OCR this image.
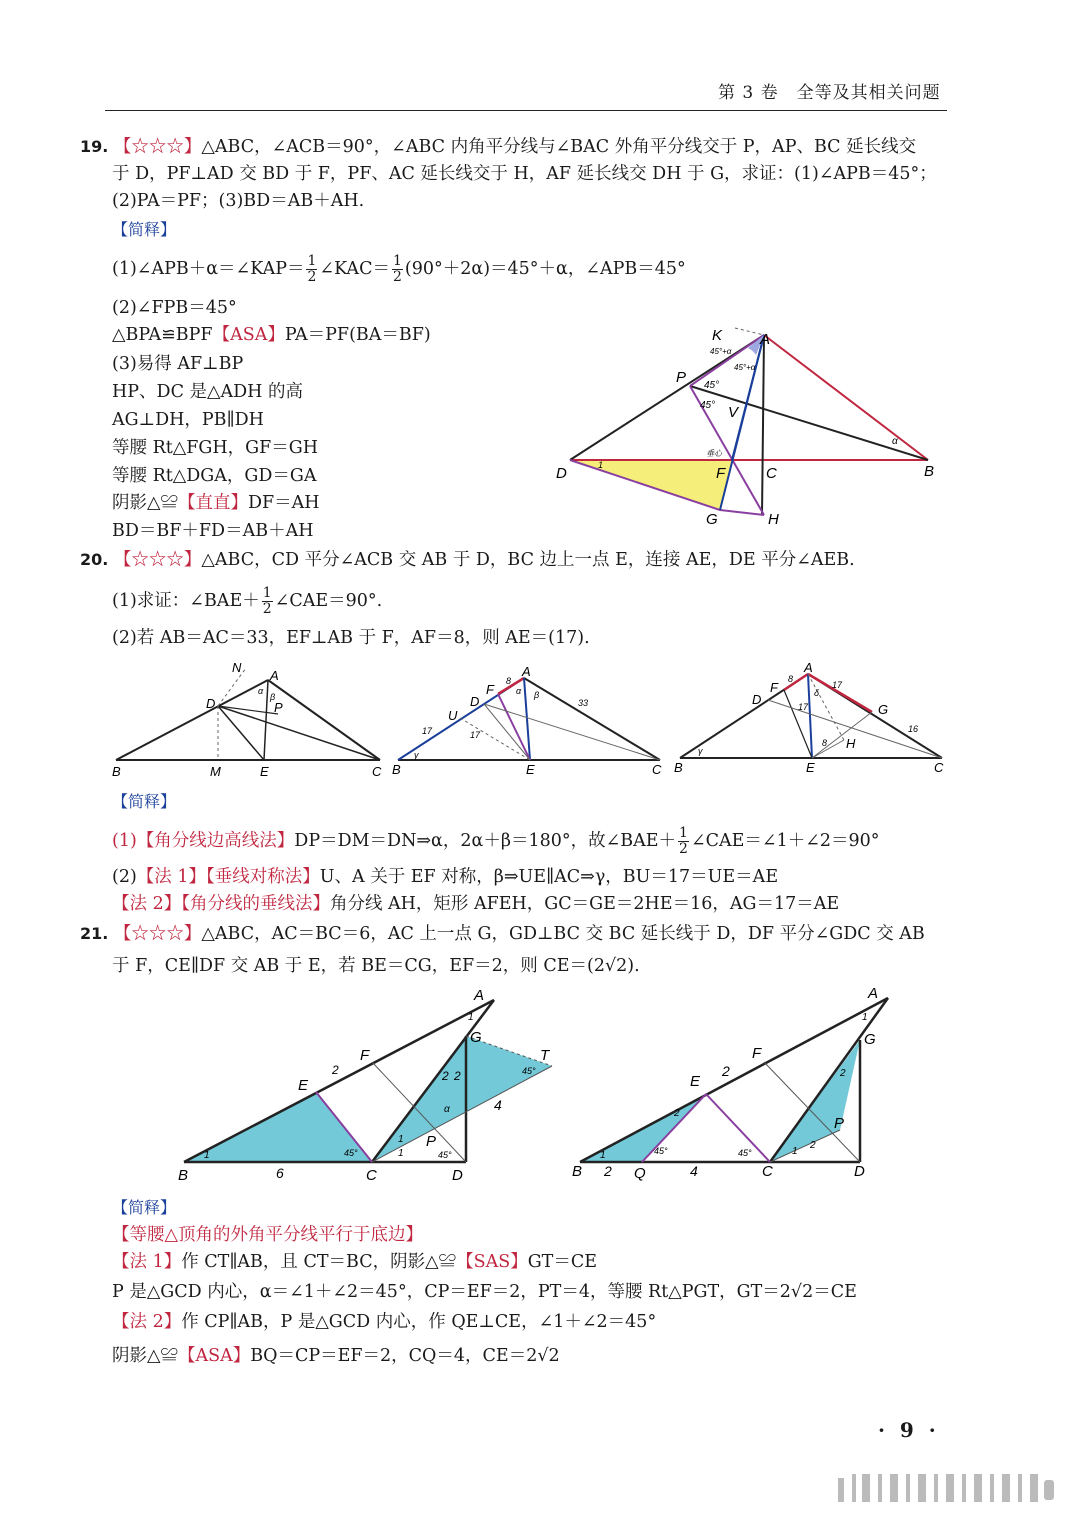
第 3 卷　全等及其相关问题
19. 【☆☆☆】△ABC，∠ACB＝90°，∠ABC 内角平分线与∠BAC 外角平分线交于 P，AP、BC 延长线交
于 D，PF⊥AD 交 BD 于 F，PF、AC 延长线交于 H，AF 延长线交 DH 于 G，求证：(1)∠APB＝45°；
(2)PA＝PF；(3)BD＝AB＋AH.
【简释】
(1)∠APB＋α＝∠KAP＝ $\frac{1}{2}$ ∠KAC＝ $\frac{1}{2} (90^\circ+2\alpha)=45^\circ+\alpha$，∠APB＝45°
(2)∠FPB＝45°
△BPA≌BPF【ASA】PA＝PF(BA＝BF)
(3)易得 AF⊥BP
HP、DC 是△ADH 的高
AG⊥DH，PB∥DH
等腰 Rt△FGH，GF＝GH
等腰 Rt△DGA，GD＝GA
阴影△≌【直直】DF＝AH
BD＝BF＋FD＝AB＋AH
K	A
P
V
D	F	C	B
G	H
45°+α
45°+α
45°
45°
α
1
垂心
20. 【☆☆☆】△ABC，CD 平分∠ACB 交 AB 于 D，BC 边上一点 E，连接 AE，DE 平分∠AEB.
(1)求证：∠BAE＋ $\frac{1}{2}$ ∠CAE＝90°.
(2)若 AB＝AC＝33，EF⊥AB 于 F，AF＝8，则 AE＝(17).
N
A
D	P
B	M	E	C
α
β
A
F
D
U
B	E	C
8
33
17	17
α β
γ
A
F
D
G
H
B	E	C
8
8
17
17
16
δ
γ
【简释】
(1)【角分线边高线法】DP＝DM＝DN⇒α，2α＋β＝180°，故∠BAE＋ $\frac{1}{2}$ ∠CAE＝∠1＋∠2＝90°
(2)【法 1】【垂线对称法】U、A 关于 EF 对称，β⇒UE∥AC⇒γ，BU＝17＝UE＝AE
【法 2】【角分线的垂线法】角分线 AH，矩形 AFEH，GC＝GE＝2HE＝16，AG＝17＝AE
21. 【☆☆☆】△ABC，AC＝BC＝6，AC 上一点 G，GD⊥BC 交 BC 延长线于 D，DF 平分∠GDC 交 AB
于 F，CE∥DF 交 AB 于 E，若 BE＝CG，EF＝2，则 CE＝(2√2).
A
G
F	T
E
P
B	C	D
2	2 2
4
6
1
1
1
1
45°	45°
45°
α
A
G
F
E
P
B	Q	C	D
2
2
2
2
2
4
1
1
1
45°
45°
【简释】
【等腰△顶角的外角平分线平行于底边】
【法 1】作 CT∥AB，且 CT＝BC，阴影△≌【SAS】GT＝CE
P 是△GCD 内心，α＝∠1＋∠2＝45°，CP＝EF＝2，PT＝4，等腰 Rt△PGT，GT＝2√2＝CE
【法 2】作 CP∥AB，P 是△GCD 内心，作 QE⊥CE，∠1＋∠2＝45°
阴影△≌【ASA】BQ＝CP＝EF＝2，CQ＝4，CE＝2√2
· 9 ·
